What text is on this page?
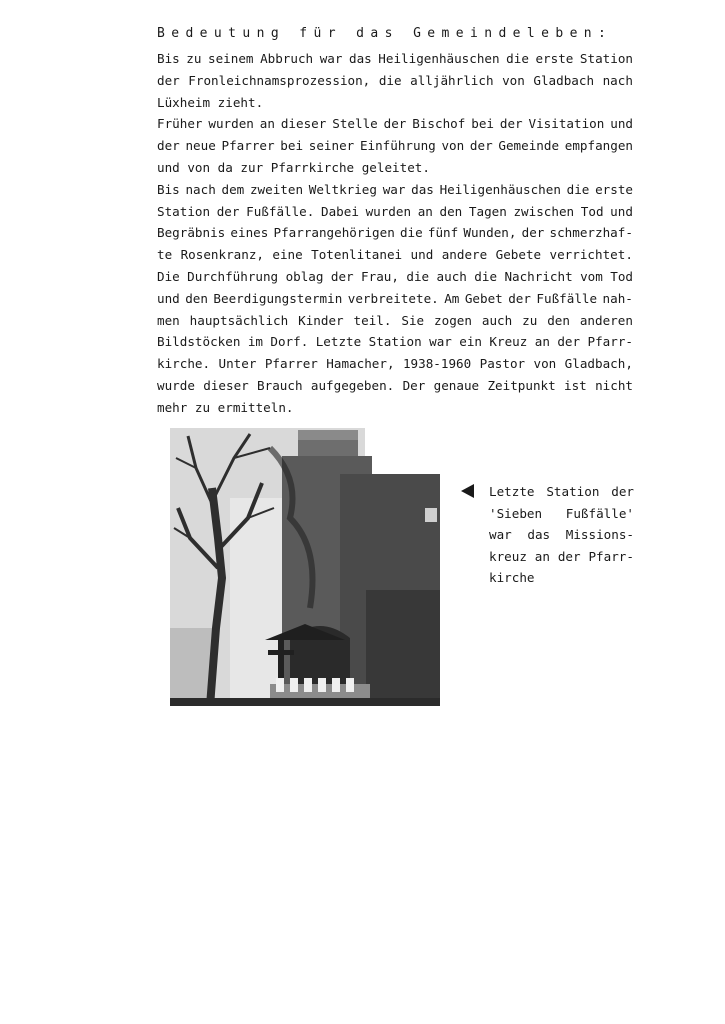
Bedeutung für das Gemeindeleben:
Bis zu seinem Abbruch war das Heiligenhäuschen die erste Station
der Fronleichnamsprozession, die alljährlich von Gladbach nach
Lüxheim zieht.
Früher wurden an dieser Stelle der Bischof bei der Visitation und
der neue Pfarrer bei seiner Einführung von der Gemeinde empfangen
und von da zur Pfarrkirche geleitet.
Bis nach dem zweiten Weltkrieg war das Heiligenhäuschen die erste
Station der Fußfälle. Dabei wurden an den Tagen zwischen Tod und
Begräbnis eines Pfarrangehörigen die fünf Wunden, der schmerzhaf-
te Rosenkranz, eine Totenlitanei und andere Gebete verrichtet.
Die Durchführung oblag der Frau, die auch die Nachricht vom Tod
und den Beerdigungstermin verbreitete. Am Gebet der Fußfälle nah-
men hauptsächlich Kinder teil. Sie zogen auch zu den anderen
Bildstöcken im Dorf. Letzte Station war ein Kreuz an der Pfarr-
kirche. Unter Pfarrer Hamacher, 1938-1960 Pastor von Gladbach,
wurde dieser Brauch aufgegeben. Der genaue Zeitpunkt ist nicht
mehr zu ermitteln.
Letzte Station der
'Sieben Fußfälle'
war das Missions-
kreuz an der Pfarr-
kirche
